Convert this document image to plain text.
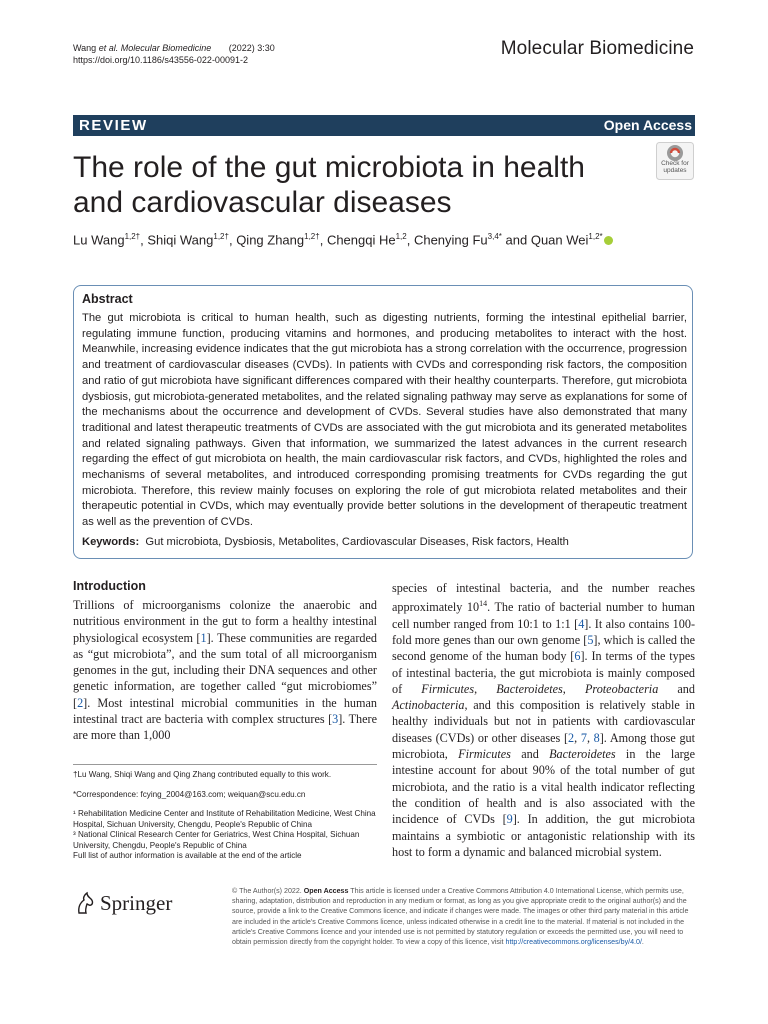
Wang et al. Molecular Biomedicine (2022) 3:30
https://doi.org/10.1186/s43556-022-00091-2
Molecular Biomedicine
REVIEW	Open Access
The role of the gut microbiota in health and cardiovascular diseases
Check for
updates
Lu Wang$^{1,2\dagger}$, Shiqi Wang$^{1,2\dagger}$, Qing Zhang$^{1,2\dagger}$, Chengqi He$^{1,2}$, Chenying $Fu^{3,4*}$ and Quan Wei$^{1,2*}$
Abstract
The gut microbiota is critical to human health, such as digesting nutrients, forming the intestinal epithelial barrier, regulating immune function, producing vitamins and hormones, and producing metabolites to interact with the host. Meanwhile, increasing evidence indicates that the gut microbiota has a strong correlation with the occurrence, progression and treatment of cardiovascular diseases (CVDs). In patients with CVDs and corresponding risk factors, the composition and ratio of gut microbiota have significant differences compared with their healthy counterparts. Therefore, gut microbiota dysbiosis, gut microbiota-generated metabolites, and the related signaling pathway may serve as explanations for some of the mechanisms about the occurrence and development of CVDs. Several studies have also demonstrated that many traditional and latest therapeutic treatments of CVDs are associated with the gut microbiota and its generated metabolites and related signaling pathways. Given that information, we summarized the latest advances in the current research regarding the effect of gut microbiota on health, the main cardiovascular risk factors, and CVDs, highlighted the roles and mechanisms of several metabolites, and introduced corresponding promising treatments for CVDs regarding the gut microbiota. Therefore, this review mainly focuses on exploring the role of gut microbiota related metabolites and their therapeutic potential in CVDs, which may eventually provide better solutions in the development of therapeutic treatment as well as the prevention of CVDs.
Keywords: Gut microbiota, Dysbiosis, Metabolites, Cardiovascular Diseases, Risk factors, Health
Introduction
Trillions of microorganisms colonize the anaerobic and nutritious environment in the gut to form a healthy intestinal physiological ecosystem [1]. These communities are regarded as “gut microbiota”, and the sum total of all microorganism genomes in the gut, including their DNA sequences and other genetic information, are together called “gut microbiomes” [2]. Most intestinal microbial communities in the human intestinal tract are bacteria with complex structures [3]. There are more than 1,000
species of intestinal bacteria, and the number reaches approximately $10^{14}$. The ratio of bacterial number to human cell number ranged from 10:1 to 1:1 [4]. It also contains 100-fold more genes than our own genome [5], which is called the second genome of the human body [6]. In terms of the types of intestinal bacteria, the gut microbiota is mainly composed of Firmicutes, Bacteroidetes, Proteobacteria and Actinobacteria, and this composition is relatively stable in healthy individuals but not in patients with cardiovascular diseases (CVDs) or other diseases [2, 7, 8]. Among those gut microbiota, Firmicutes and Bacteroidetes in the large intestine account for about 90% of the total number of gut microbiota, and the ratio is a vital health indicator reflecting the condition of health and is also associated with the incidence of CVDs [9]. In addition, the gut microbiota maintains a symbiotic or antagonistic relationship with its host to form a dynamic and balanced microbial system.
†Lu Wang, Shiqi Wang and Qing Zhang contributed equally to this work.
*Correspondence: fcying_2004@163.com; weiquan@scu.edu.cn
¹ Rehabilitation Medicine Center and Institute of Rehabilitation Medicine, West China Hospital, Sichuan University, Chengdu, People's Republic of China
³ National Clinical Research Center for Geriatrics, West China Hospital, Sichuan University, Chengdu, People's Republic of China
Full list of author information is available at the end of the article
Springer	© The Author(s) 2022. Open Access This article is licensed under a Creative Commons Attribution 4.0 International License, which permits use, sharing, adaptation, distribution and reproduction in any medium or format, as long as you give appropriate credit to the original author(s) and the source, provide a link to the Creative Commons licence, and indicate if changes were made. The images or other third party material in this article are included in the article's Creative Commons licence, unless indicated otherwise in a credit line to the material. If material is not included in the article's Creative Commons licence and your intended use is not permitted by statutory regulation or exceeds the permitted use, you will need to obtain permission directly from the copyright holder. To view a copy of this licence, visit http://creativecommons.org/licenses/by/4.0/.
